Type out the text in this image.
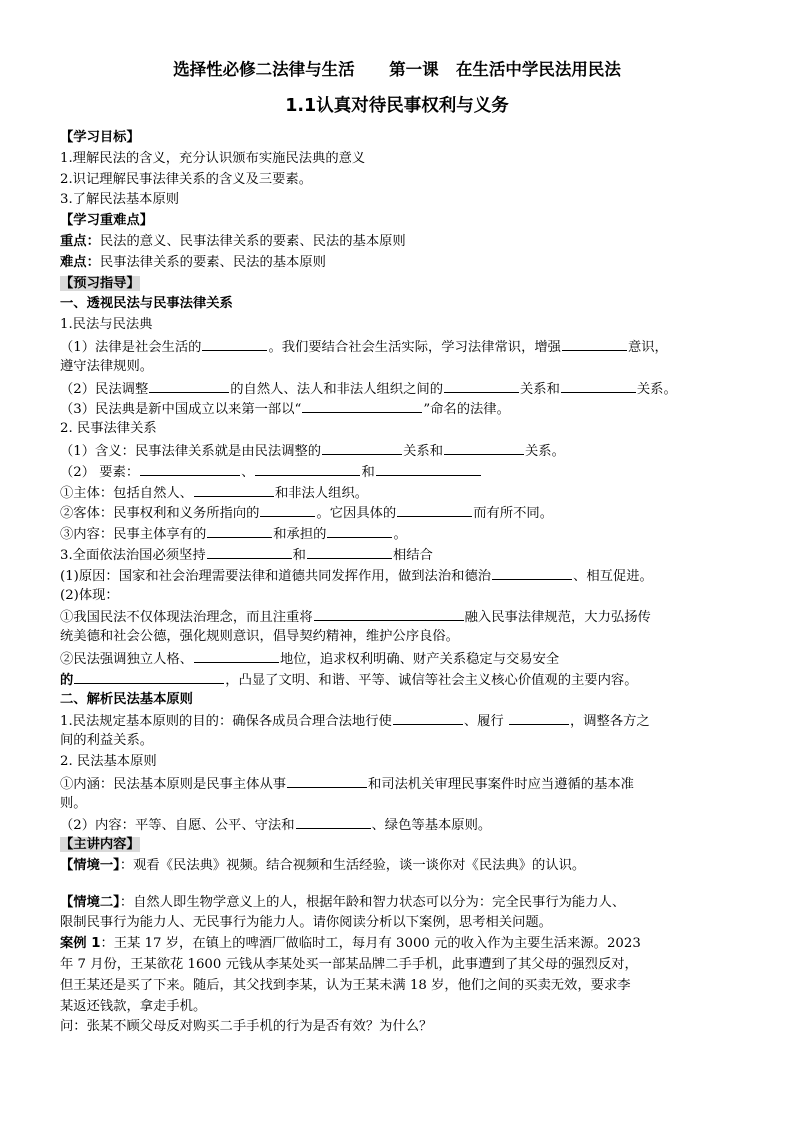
选择性必修二法律与生活      第一课   在生活中学民法用民法
1.1认真对待民事权利与义务
【学习目标】
1.理解民法的含义，充分认识颁布实施民法典的意义
2.识记理解民事法律关系的含义及三要素。
3.了解民法基本原则
【学习重难点】
重点：民法的意义、民事法律关系的要素、民法的基本原则
难点：民事法律关系的要素、民法的基本原则
【预习指导】
一、透视民法与民事法律关系
1.民法与民法典
（1）法律是社会生活的	。我们要结合社会生活实际，学习法律常识，增强	意识，
遵守法律规则。
（2）民法调整	的自然人、法人和非法人组织之间的	关系和	关系。
（3）民法典是新中国成立以来第一部以“	”命名的法律。
2. 民事法律关系
（1）含义：民事法律关系就是由民法调整的	关系和	关系。
（2） 要素：	、	和
①主体：包括自然人、	和非法人组织。
②客体：民事权利和义务所指向的	。它因具体的	而有所不同。
③内容：民事主体享有的	和承担的	。
3.全面依法治国必须坚持	和	相结合
(1)原因：国家和社会治理需要法律和道德共同发挥作用，做到法治和德治	、相互促进。
(2)体现：
①我国民法不仅体现法治理念，而且注重将	融入民事法律规范，大力弘扬传
统美德和社会公德，强化规则意识，倡导契约精神，维护公序良俗。
②民法强调独立人格、	地位，追求权利明确、财产关系稳定与交易安全
的	，凸显了文明、和谐、平等、诚信等社会主义核心价值观的主要内容。
二、解析民法基本原则
1.民法规定基本原则的目的：确保各成员合理合法地行使	、履行	，调整各方之
间的利益关系。
2. 民法基本原则
①内涵：民法基本原则是民事主体从事	和司法机关审理民事案件时应当遵循的基本准
则。
（2）内容：平等、自愿、公平、守法和	、绿色等基本原则。
【主讲内容】
【情境一】：观看《民法典》视频。结合视频和生活经验，谈一谈你对《民法典》的认识。
【情境二】：自然人即生物学意义上的人，根据年龄和智力状态可以分为：完全民事行为能力人、
限制民事行为能力人、无民事行为能力人。请你阅读分析以下案例，思考相关问题。
案例 1：王某 17 岁，在镇上的啤酒厂做临时工，每月有 3000 元的收入作为主要生活来源。2023
年 7 月份，王某欲花 1600 元钱从李某处买一部某品牌二手手机，此事遭到了其父母的强烈反对，
但王某还是买了下来。随后，其父找到李某，认为王某未满 18 岁，他们之间的买卖无效，要求李
某返还钱款，拿走手机。
问：张某不顾父母反对购买二手手机的行为是否有效？为什么？
